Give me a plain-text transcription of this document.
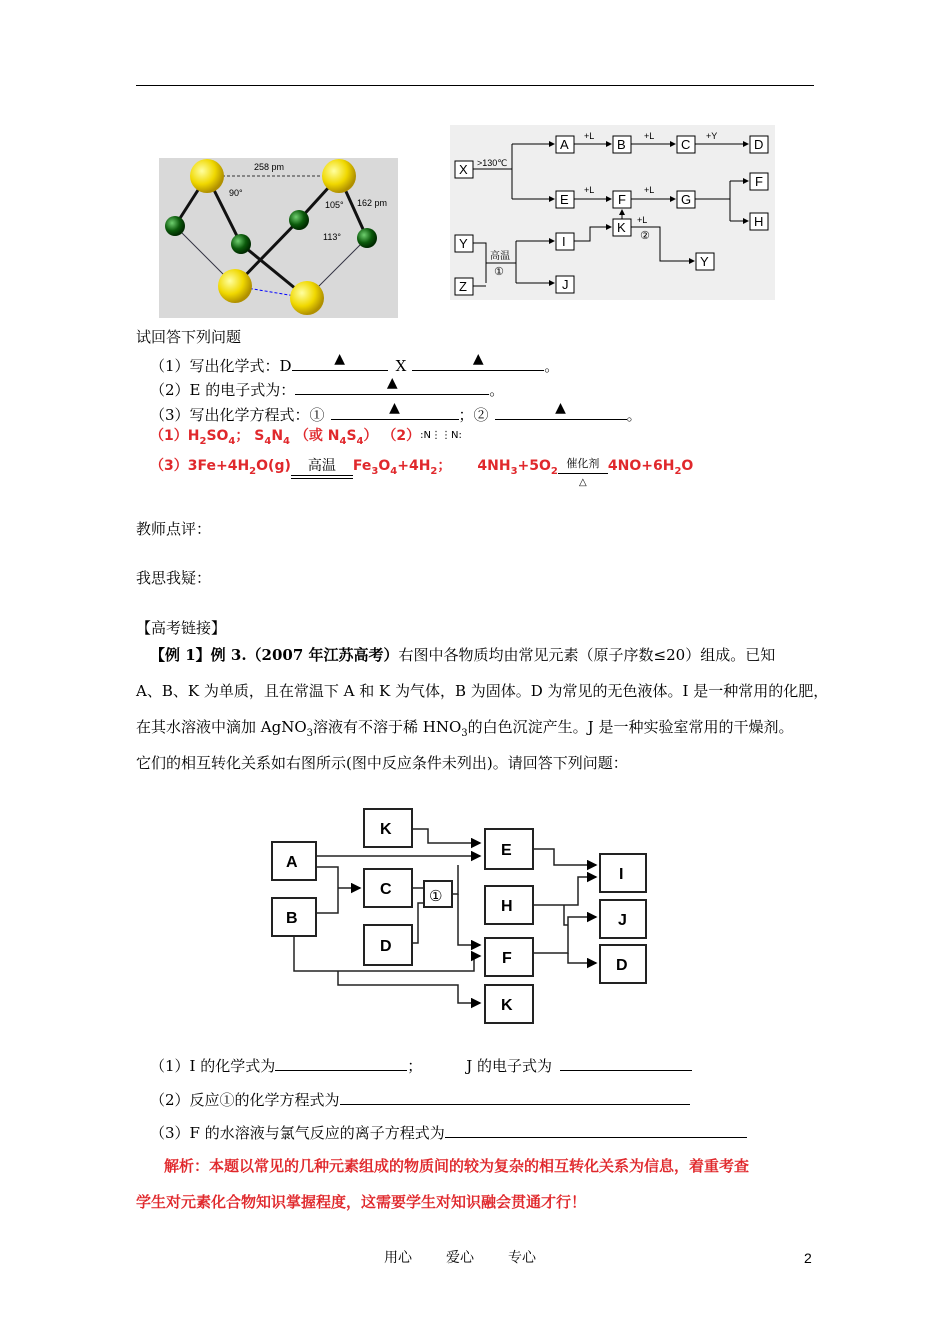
258 pm
90°
105° 162 pm
113°
X
A	B	C	D
E	F	G
F
H
K
I
J
Y
Y
Z
>130℃
+L	+L	+Y
+L	+L
+L
②
高温
①
试回答下列问题
（1）写出化学式：D	▲	X	▲	。
（2）E 的电子式为：	▲	。
（3）写出化学方程式：①	▲	；②	▲	。
$(1)H_2SO_4$； $S_4N_4$ （或 $N_4S_4$） $(2)^{:N⋮⋮N:}$
$(3)3Fe+4H_2O(g)$	高温	$Fe_3O_4+4H_2$； $4NH_3+5O_2$
催化剂
△
$4NO+6H_2O$
教师点评：
我思我疑：
【高考链接】
【例 1】例 3.（2007 年江苏高考）右图中各物质均由常见元素（原子序数≤20）组成。已知
A、B、K 为单质，且在常温下 A 和 K 为气体，B 为固体。D 为常见的无色液体。I 是一种常用的化肥，
在其水溶液中滴加 AgNO$_3$溶液有不溶于稀 $HNO_3$的白色沉淀产生。J 是一种实验室常用的干燥剂。
它们的相互转化关系如右图所示(图中反应条件未列出)。请回答下列问题：
A
B
C
D
K
E
H
F
K
I
J
D
①
（1）I 的化学式为	；	J 的电子式为
（2）反应①的化学方程式为
（3）F 的水溶液与氯气反应的离子方程式为
解析：本题以常见的几种元素组成的物质间的较为复杂的相互转化关系为信息，着重考查
学生对元素化合物知识掌握程度，这需要学生对知识融会贯通才行！
用心 爱心 专心	2
